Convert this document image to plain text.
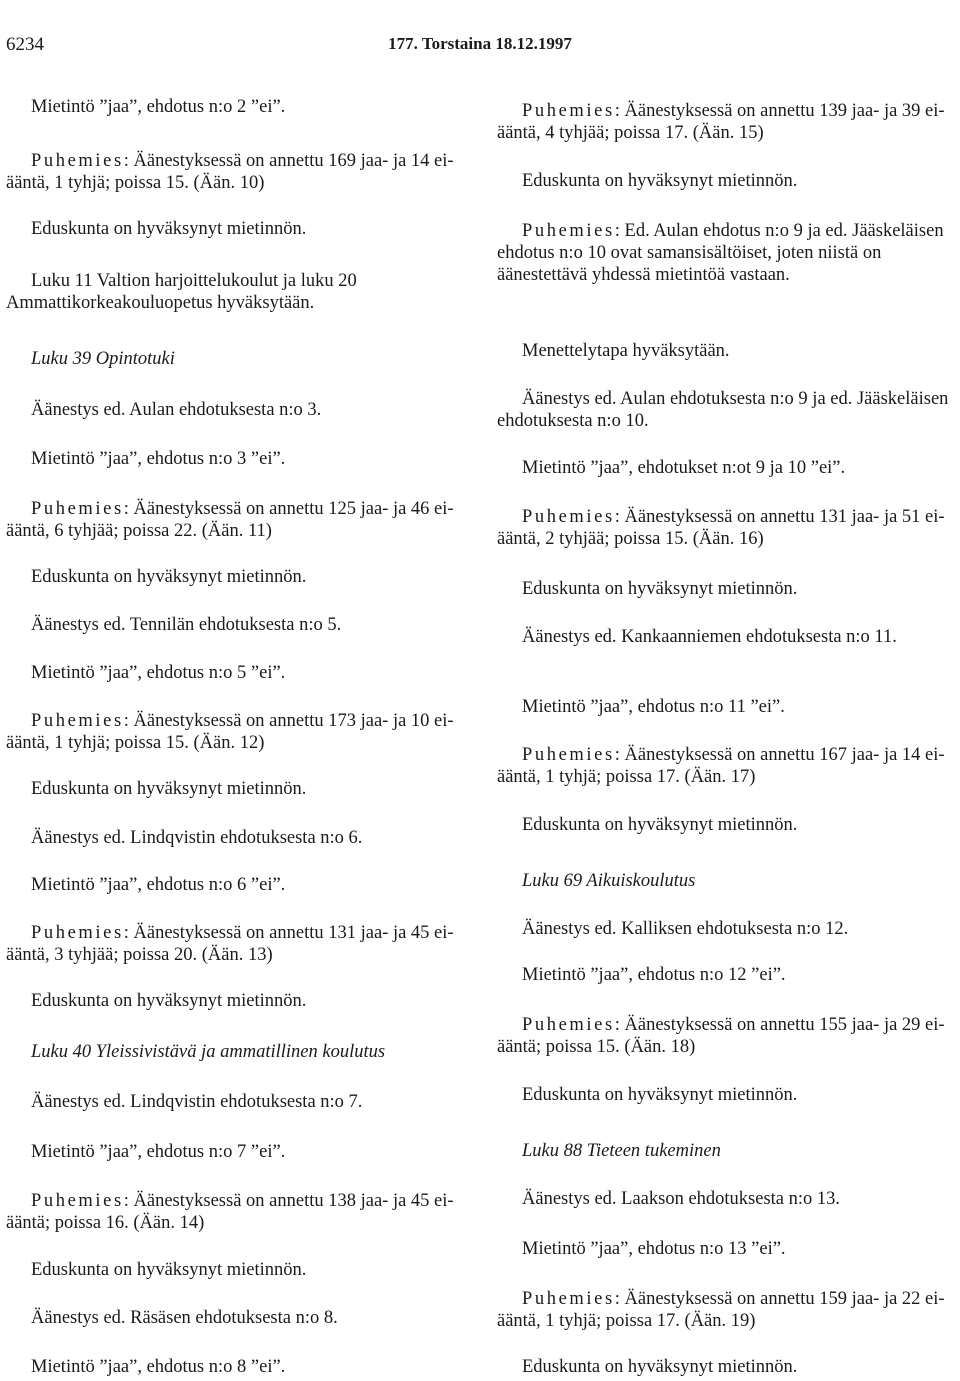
6234	177. Torstaina 18.12.1997

Mietintö ”jaa”, ehdotus n:o 2 ”ei”.

Puhemies: Äänestyksessä on annettu 169 jaa- ja 14 ei-ääntä, 1 tyhjä; poissa 15. (Ään. 10)

Eduskunta on hyväksynyt mietinnön.

Luku 11 Valtion harjoittelukoulut ja luku 20 Ammattikorkeakouluopetus hyväksytään.

Luku 39 Opintotuki

Äänestys ed. Aulan ehdotuksesta n:o 3.

Mietintö ”jaa”, ehdotus n:o 3 ”ei”.

Puhemies: Äänestyksessä on annettu 125 jaa- ja 46 ei-ääntä, 6 tyhjää; poissa 22. (Ään. 11)

Eduskunta on hyväksynyt mietinnön.

Äänestys ed. Tennilän ehdotuksesta n:o 5.

Mietintö ”jaa”, ehdotus n:o 5 ”ei”.

Puhemies: Äänestyksessä on annettu 173 jaa- ja 10 ei-ääntä, 1 tyhjä; poissa 15. (Ään. 12)

Eduskunta on hyväksynyt mietinnön.

Äänestys ed. Lindqvistin ehdotuksesta n:o 6.

Mietintö ”jaa”, ehdotus n:o 6 ”ei”.

Puhemies: Äänestyksessä on annettu 131 jaa- ja 45 ei-ääntä, 3 tyhjää; poissa 20. (Ään. 13)

Eduskunta on hyväksynyt mietinnön.

Luku 40 Yleissivistävä ja ammatillinen koulutus

Äänestys ed. Lindqvistin ehdotuksesta n:o 7.

Mietintö ”jaa”, ehdotus n:o 7 ”ei”.

Puhemies: Äänestyksessä on annettu 138 jaa- ja 45 ei-ääntä; poissa 16. (Ään. 14)

Eduskunta on hyväksynyt mietinnön.

Äänestys ed. Räsäsen ehdotuksesta n:o 8.

Mietintö ”jaa”, ehdotus n:o 8 ”ei”.

Puhemies: Äänestyksessä on annettu 139 jaa- ja 39 ei-ääntä, 4 tyhjää; poissa 17. (Ään. 15)

Eduskunta on hyväksynyt mietinnön.

Puhemies: Ed. Aulan ehdotus n:o 9 ja ed. Jääskeläisen ehdotus n:o 10 ovat samansisältöiset, joten niistä on äänestettävä yhdessä mietintöä vastaan.

Menettelytapa hyväksytään.

Äänestys ed. Aulan ehdotuksesta n:o 9 ja ed. Jääskeläisen ehdotuksesta n:o 10.

Mietintö ”jaa”, ehdotukset n:ot 9 ja 10 ”ei”.

Puhemies: Äänestyksessä on annettu 131 jaa- ja 51 ei-ääntä, 2 tyhjää; poissa 15. (Ään. 16)

Eduskunta on hyväksynyt mietinnön.

Äänestys ed. Kankaanniemen ehdotuksesta n:o 11.

Mietintö ”jaa”, ehdotus n:o 11 ”ei”.

Puhemies: Äänestyksessä on annettu 167 jaa- ja 14 ei-ääntä, 1 tyhjä; poissa 17. (Ään. 17)

Eduskunta on hyväksynyt mietinnön.

Luku 69 Aikuiskoulutus

Äänestys ed. Kalliksen ehdotuksesta n:o 12.

Mietintö ”jaa”, ehdotus n:o 12 ”ei”.

Puhemies: Äänestyksessä on annettu 155 jaa- ja 29 ei-ääntä; poissa 15. (Ään. 18)

Eduskunta on hyväksynyt mietinnön.

Luku 88 Tieteen tukeminen

Äänestys ed. Laakson ehdotuksesta n:o 13.

Mietintö ”jaa”, ehdotus n:o 13 ”ei”.

Puhemies: Äänestyksessä on annettu 159 jaa- ja 22 ei-ääntä, 1 tyhjä; poissa 17. (Ään. 19)

Eduskunta on hyväksynyt mietinnön.
